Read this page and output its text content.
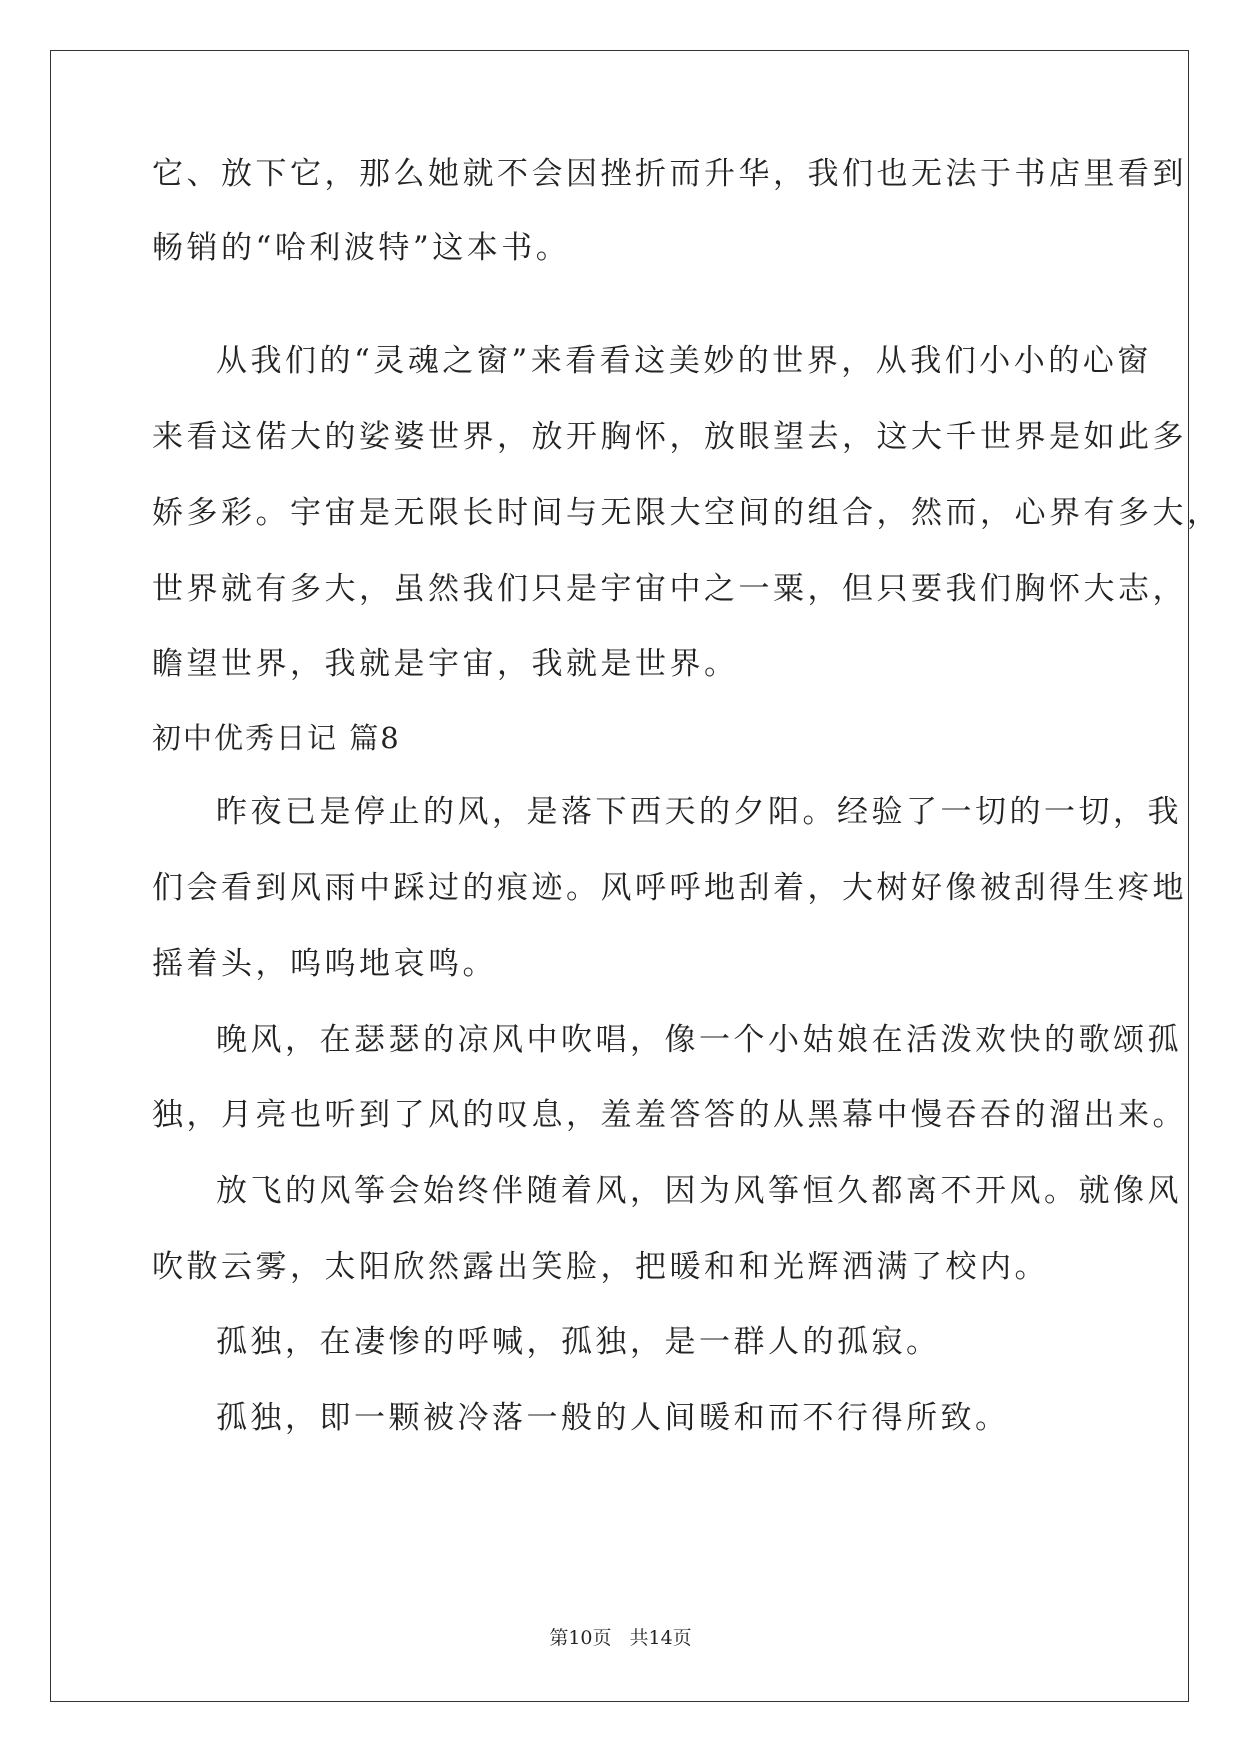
它、放下它，那么她就不会因挫折而升华，我们也无法于书店里看到
畅销的“哈利波特”这本书。
从我们的“灵魂之窗”来看看这美妙的世界，从我们小小的心窗
来看这偌大的娑婆世界，放开胸怀，放眼望去，这大千世界是如此多
娇多彩。宇宙是无限长时间与无限大空间的组合，然而，心界有多大，
世界就有多大，虽然我们只是宇宙中之一粟，但只要我们胸怀大志，
瞻望世界，我就是宇宙，我就是世界。
初中优秀日记 篇8
昨夜已是停止的风，是落下西天的夕阳。经验了一切的一切，我
们会看到风雨中踩过的痕迹。风呼呼地刮着，大树好像被刮得生疼地
摇着头，呜呜地哀鸣。
晚风，在瑟瑟的凉风中吹唱，像一个小姑娘在活泼欢快的歌颂孤
独，月亮也听到了风的叹息，羞羞答答的从黑幕中慢吞吞的溜出来。
放飞的风筝会始终伴随着风，因为风筝恒久都离不开风。就像风
吹散云雾，太阳欣然露出笑脸，把暖和和光辉洒满了校内。
孤独，在凄惨的呼喊，孤独，是一群人的孤寂。
孤独，即一颗被冷落一般的人间暖和而不行得所致。
第10页 共14页
